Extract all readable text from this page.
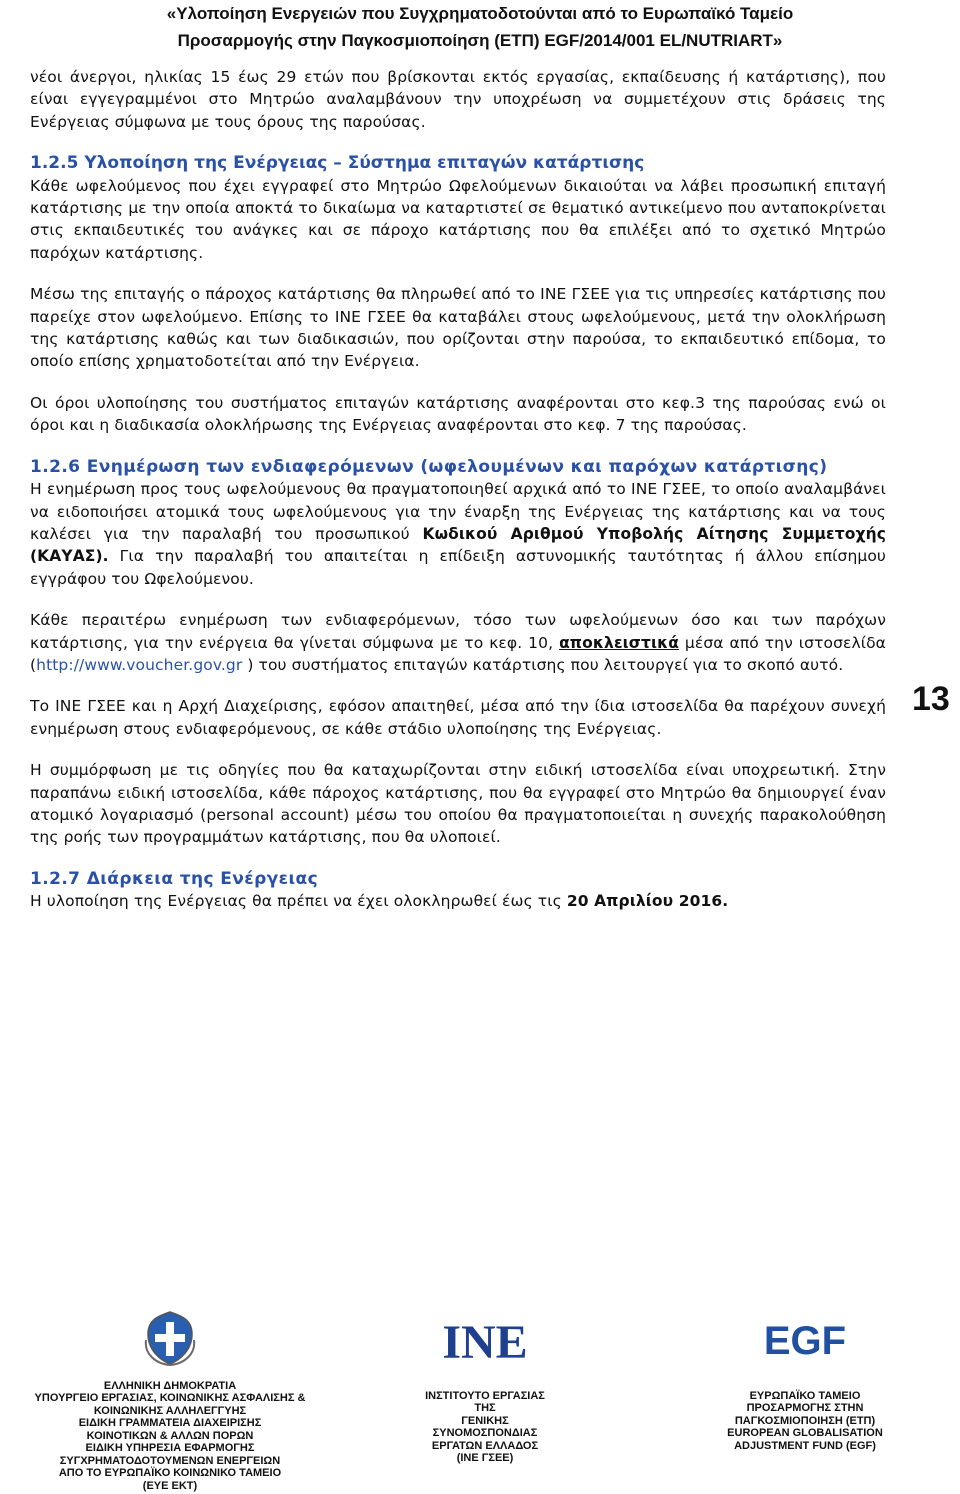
«Υλοποίηση Ενεργειών που Συγχρηματοδοτούνται από το Ευρωπαϊκό Ταμείο
Προσαρμογής στην Παγκοσμιοποίηση (ΕΤΠ) EGF/2014/001 EL/NUTRIART»

νέοι άνεργοι, ηλικίας 15 έως 29 ετών που βρίσκονται εκτός εργασίας, εκπαίδευσης ή κατάρτισης), που είναι εγγεγραμμένοι στο Μητρώο αναλαμβάνουν την υποχρέωση να συμμετέχουν στις δράσεις της Ενέργειας σύμφωνα με τους όρους της παρούσας.

1.2.5 Υλοποίηση της Ενέργειας – Σύστημα επιταγών κατάρτισης

Κάθε ωφελούμενος που έχει εγγραφεί στο Μητρώο Ωφελούμενων δικαιούται να λάβει προσωπική επιταγή κατάρτισης με την οποία αποκτά το δικαίωμα να καταρτιστεί σε θεματικό αντικείμενο που ανταποκρίνεται στις εκπαιδευτικές του ανάγκες και σε πάροχο κατάρτισης που θα επιλέξει από το σχετικό Μητρώο παρόχων κατάρτισης.

Μέσω της επιταγής ο πάροχος κατάρτισης θα πληρωθεί από το ΙΝΕ ΓΣΕΕ για τις υπηρεσίες κατάρτισης που παρείχε στον ωφελούμενο. Επίσης το ΙΝΕ ΓΣΕΕ θα καταβάλει στους ωφελούμενους, μετά την ολοκλήρωση της κατάρτισης καθώς και των διαδικασιών, που ορίζονται στην παρούσα, το εκπαιδευτικό επίδομα, το οποίο επίσης χρηματοδοτείται από την Ενέργεια.

Οι όροι υλοποίησης του συστήματος επιταγών κατάρτισης αναφέρονται στο κεφ.3 της παρούσας ενώ οι όροι και η διαδικασία ολοκλήρωσης της Ενέργειας αναφέρονται στο κεφ. 7 της παρούσας.

1.2.6 Ενημέρωση των ενδιαφερόμενων (ωφελουμένων και παρόχων κατάρτισης)

Η ενημέρωση προς τους ωφελούμενους θα πραγματοποιηθεί αρχικά από το ΙΝΕ ΓΣΕΕ, το οποίο αναλαμβάνει να ειδοποιήσει ατομικά τους ωφελούμενους για την έναρξη της Ενέργειας της κατάρτισης και να τους καλέσει για την παραλαβή του προσωπικού Κωδικού Αριθμού Υποβολής Αίτησης Συμμετοχής (ΚΑΥΑΣ). Για την παραλαβή του απαιτείται η επίδειξη αστυνομικής ταυτότητας ή άλλου επίσημου εγγράφου του Ωφελούμενου.

Κάθε περαιτέρω ενημέρωση των ενδιαφερόμενων, τόσο των ωφελούμενων όσο και των παρόχων κατάρτισης, για την ενέργεια θα γίνεται σύμφωνα με το κεφ. 10, αποκλειστικά μέσα από την ιστοσελίδα (http://www.voucher.gov.gr ) του συστήματος επιταγών κατάρτισης που λειτουργεί για το σκοπό αυτό.

Το ΙΝΕ ΓΣΕΕ και η Αρχή Διαχείρισης, εφόσον απαιτηθεί, μέσα από την ίδια ιστοσελίδα θα παρέχουν συνεχή ενημέρωση στους ενδιαφερόμενους, σε κάθε στάδιο υλοποίησης της Ενέργειας.

Η συμμόρφωση με τις οδηγίες που θα καταχωρίζονται στην ειδική ιστοσελίδα είναι υποχρεωτική. Στην παραπάνω ειδική ιστοσελίδα, κάθε πάροχος κατάρτισης, που θα εγγραφεί στο Μητρώο θα δημιουργεί έναν ατομικό λογαριασμό (personal account) μέσω του οποίου θα πραγματοποιείται η συνεχής παρακολούθηση της ροής των προγραμμάτων κατάρτισης, που θα υλοποιεί.

1.2.7 Διάρκεια της Ενέργειας

Η υλοποίηση της Ενέργειας θα πρέπει να έχει ολοκληρωθεί έως τις 20 Απριλίου 2016.

13
ΕΛΛΗΝΙΚΗ ΔΗΜΟΚΡΑΤΙΑ
ΥΠΟΥΡΓΕΙΟ ΕΡΓΑΣΙΑΣ, ΚΟΙΝΩΝΙΚΗΣ ΑΣΦΑΛΙΣΗΣ &
ΚΟΙΝΩΝΙΚΗΣ ΑΛΛΗΛΕΓΓΥΗΣ
ΕΙΔΙΚΗ ΓΡΑΜΜΑΤΕΙΑ ΔΙΑΧΕΙΡΙΣΗΣ
ΚΟΙΝΟΤΙΚΩΝ & ΑΛΛΩΝ ΠΟΡΩΝ
ΕΙΔΙΚΗ ΥΠΗΡΕΣΙΑ ΕΦΑΡΜΟΓΗΣ
ΣΥΓΧΡΗΜΑΤΟΔΟΤΟΥΜΕΝΩΝ ΕΝΕΡΓΕΙΩΝ
ΑΠΟ ΤΟ ΕΥΡΩΠΑΪΚΟ ΚΟΙΝΩΝΙΚΟ ΤΑΜΕΙΟ
(ΕΥΕ ΕΚΤ)
INE
ΙΝΣΤΙΤΟΥΤΟ ΕΡΓΑΣΙΑΣ
ΤΗΣ
ΓΕΝΙΚΗΣ
ΣΥΝΟΜΟΣΠΟΝΔΙΑΣ
ΕΡΓΑΤΩΝ ΕΛΛΑΔΟΣ
(ΙΝΕ ΓΣΕΕ)
EGF
ΕΥΡΩΠΑΪΚΟ ΤΑΜΕΙΟ
ΠΡΟΣΑΡΜΟΓΗΣ ΣΤΗΝ
ΠΑΓΚΟΣΜΙΟΠΟΙΗΣΗ (ΕΤΠ)
EUROPEAN GLOBALISATION
ADJUSTMENT FUND (EGF)
